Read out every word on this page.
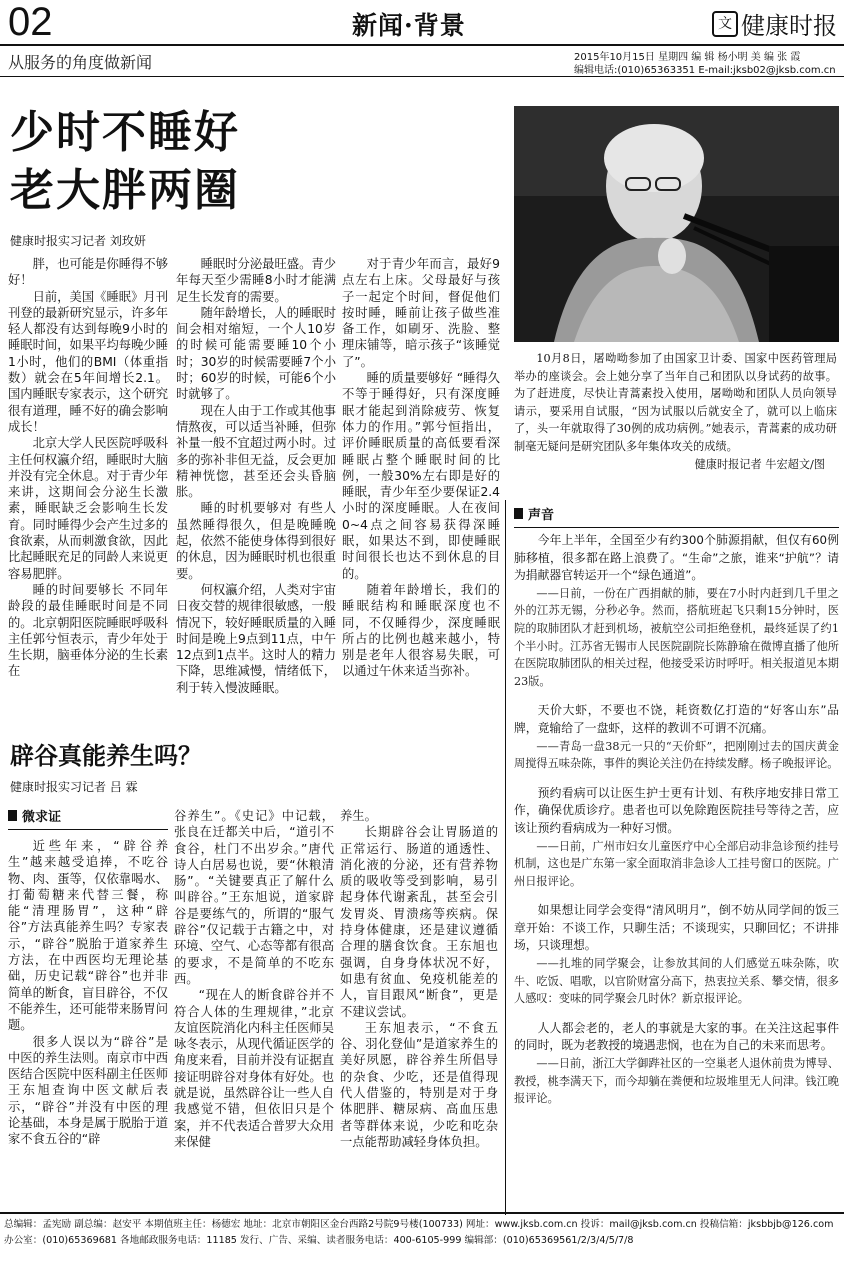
02	新闻·背景	文 健康时报
从服务的角度做新闻	2015年10月15日 星期四 编 辑 杨小明 美 编 张 霞
编辑电话:(010)65363351 E-mail:jksb02@jksb.com.cn
少时不睡好
老大胖两圈
健康时报实习记者 刘玫妍

胖，也可能是你睡得不够好！

日前，美国《睡眠》月刊刊登的最新研究显示，许多年轻人都没有达到每晚9小时的睡眠时间，如果平均每晚少睡1小时，他们的BMI（体重指数）就会在5年间增长2.1。国内睡眠专家表示，这个研究很有道理，睡不好的确会影响成长！

北京大学人民医院呼吸科主任何权瀛介绍，睡眠时大脑并没有完全休息。对于青少年来讲，这期间会分泌生长激素，睡眠缺乏会影响生长发育。同时睡得少会产生过多的食欲素，从而刺激食欲，因此比起睡眠充足的同龄人来说更容易肥胖。

睡的时间要够长 不同年龄段的最佳睡眠时间是不同的。北京朝阳医院睡眠呼吸科主任郭兮恒表示，青少年处于生长期，脑垂体分泌的生长素在

睡眠时分泌最旺盛。青少年每天至少需睡8小时才能满足生长发育的需要。

随年龄增长，人的睡眠时间会相对缩短，一个人10岁的时候可能需要睡10个小时；30岁的时候需要睡7个小时；60岁的时候，可能6个小时就够了。

现在人由于工作或其他事情熬夜，可以适当补睡，但弥补量一般不宜超过两小时。过多的弥补非但无益，反会更加精神恍惚，甚至还会头昏脑胀。

睡的时机要够对 有些人虽然睡得很久，但是晚睡晚起，依然不能使身体得到很好的休息，因为睡眠时机也很重要。

何权瀛介绍，人类对宇宙日夜交替的规律很敏感，一般情况下，较好睡眠质量的入睡时间是晚上9点到11点，中午12点到1点半。这时人的精力下降，思维减慢，情绪低下，利于转入慢波睡眠。

对于青少年而言，最好9点左右上床。父母最好与孩子一起定个时间，督促他们按时睡，睡前让孩子做些准备工作，如刷牙、洗脸、整理床铺等，暗示孩子“该睡觉了”。

睡的质量要够好 “睡得久不等于睡得好，只有深度睡眠才能起到消除疲劳、恢复体力的作用。”郭兮恒指出，评价睡眠质量的高低要看深睡眠占整个睡眠时间的比例，一般30%左右即是好的睡眠，青少年至少要保证2.4小时的深度睡眠。人在夜间0~4点之间容易获得深睡眠，如果达不到，即使睡眠时间很长也达不到休息的目的。

随着年龄增长，我们的睡眠结构和睡眠深度也不同，不仅睡得少，深度睡眠所占的比例也越来越小，特别是老年人很容易失眠，可以通过午休来适当弥补。

10月8日，屠呦呦参加了由国家卫计委、国家中医药管理局举办的座谈会。会上她分享了当年自己和团队以身试药的故事。为了赶进度，尽快让青蒿素投入使用，屠呦呦和团队人员向领导请示，要采用自试服，“因为试服以后就安全了，就可以上临床了，头一年就取得了30例的成功病例。”她表示，青蒿素的成功研制毫无疑问是研究团队多年集体攻关的成绩。

健康时报记者 牛宏超文/图

声音

今年上半年，全国至少有约300个肺源捐献，但仅有60例肺移植，很多都在路上浪费了。“生命”之旅，谁来“护航”？请为捐献器官转运开一个“绿色通道”。

——日前，一份在广西捐献的肺，要在7小时内赶到几千里之外的江苏无锡，分秒必争。然而，搭航班起飞只剩15分钟时，医院的取肺团队才赶到机场，被航空公司拒绝登机，最终延误了约1个半小时。江苏省无锡市人民医院副院长陈静瑜在微博直播了他所在医院取肺团队的相关过程，他接受采访时呼吁。相关报道见本期23版。

天价大虾，不要也不饶，耗资数亿打造的“好客山东”品牌，竟输给了一盘虾，这样的教训不可谓不沉痛。

——青岛一盘38元一只的“天价虾”，把刚刚过去的国庆黄金周搅得五味杂陈，事件的舆论关注仍在持续发酵。杨子晚报评论。

预约看病可以让医生护士更有计划、有秩序地安排日常工作，确保优质诊疗。患者也可以免除跑医院挂号等待之苦，应该让预约看病成为一种好习惯。

——日前，广州市妇女儿童医疗中心全部启动非急诊预约挂号机制，这也是广东第一家全面取消非急诊人工挂号窗口的医院。广州日报评论。

如果想让同学会变得“清风明月”，倒不妨从同学间的饭三章开始：不谈工作，只聊生活；不谈现实，只聊回忆；不讲排场，只谈理想。

——扎堆的同学聚会，让参放其间的人们感觉五味杂陈，吹牛、吃饭、唱歌，以官阶财富分高下，热衷拉关系、攀交情，很多人感叹：变味的同学聚会几时休？新京报评论。

人人都会老的，老人的事就是大家的事。在关注这起事件的同时，既为老教授的境遇悲悯，也在为自己的未来而思考。

——日前，浙江大学御跸社区的一空巢老人退休前贵为博导、教授，桃李满天下，而今却躺在粪便和垃圾堆里无人问津。钱江晚报评论。

辟谷真能养生吗？
健康时报实习记者 吕 霖
微求证

近些年来，“辟谷养生”越来越受追捧，不吃谷物、肉、蛋等，仅依靠喝水、打葡萄糖来代替三餐，称能“清理肠胃”，这种“辟谷”方法真能养生吗？专家表示，“辟谷”脱胎于道家养生方法，在中西医均无理论基础，历史记载“辟谷”也并非简单的断食，盲目辟谷，不仅不能养生，还可能带来肠胃问题。

很多人误以为“辟谷”是中医的养生法则。南京市中西医结合医院中医科副主任医师王东旭查询中医文献后表示，“辟谷”并没有中医的理论基础，本身是属于脱胎于道家不食五谷的“辟

谷养生”。《史记》中记载，张良在迁都关中后，“道引不食谷，杜门不出岁余。”唐代诗人白居易也说，要“休粮清肠”。“关键要真正了解什么叫辟谷。”王东旭说，道家辟谷是要练气的，所谓的“服气辟谷”仅记载于古籍之中，对环境、空气、心态等都有很高的要求，不是简单的不吃东西。

“现在人的断食辟谷并不符合人体的生理规律，”北京友谊医院消化内科主任医师吴咏冬表示，从现代循证医学的角度来看，目前并没有证据直接证明辟谷对身体有好处。也就是说，虽然辟谷让一些人自我感觉不错，但依旧只是个案，并不代表适合普罗大众用来保健

养生。

长期辟谷会让胃肠道的正常运行、肠道的通透性、消化液的分泌，还有营养物质的吸收等受到影响，易引起身体代谢紊乱，甚至会引发胃炎、胃溃疡等疾病。保持身体健康，还是建议遵循合理的膳食饮食。王东旭也强调，自身身体状况不好，如患有贫血、免疫机能差的人，盲目跟风“断食”，更是不建议尝试。

王东旭表示，“不食五谷、羽化登仙”是道家养生的美好夙愿，辟谷养生所倡导的杂食、少吃，还是值得现代人借鉴的，特别是对于身体肥胖、糖尿病、高血压患者等群体来说，少吃和吃杂一点能帮助减轻身体负担。

总编辑：孟宪励 副总编：赵安平 本期值班主任：杨德宏 地址：北京市朝阳区金台西路2号院9号楼(100733) 网址：www.jksb.com.cn 投诉：mail@jksb.com.cn 投稿信箱：jksbbjb@126.com
办公室：(010)65369681 各地邮政服务电话：11185 发行、广告、采编、读者服务电话：400-6105-999 编辑部：(010)65369561/2/3/4/5/7/8
